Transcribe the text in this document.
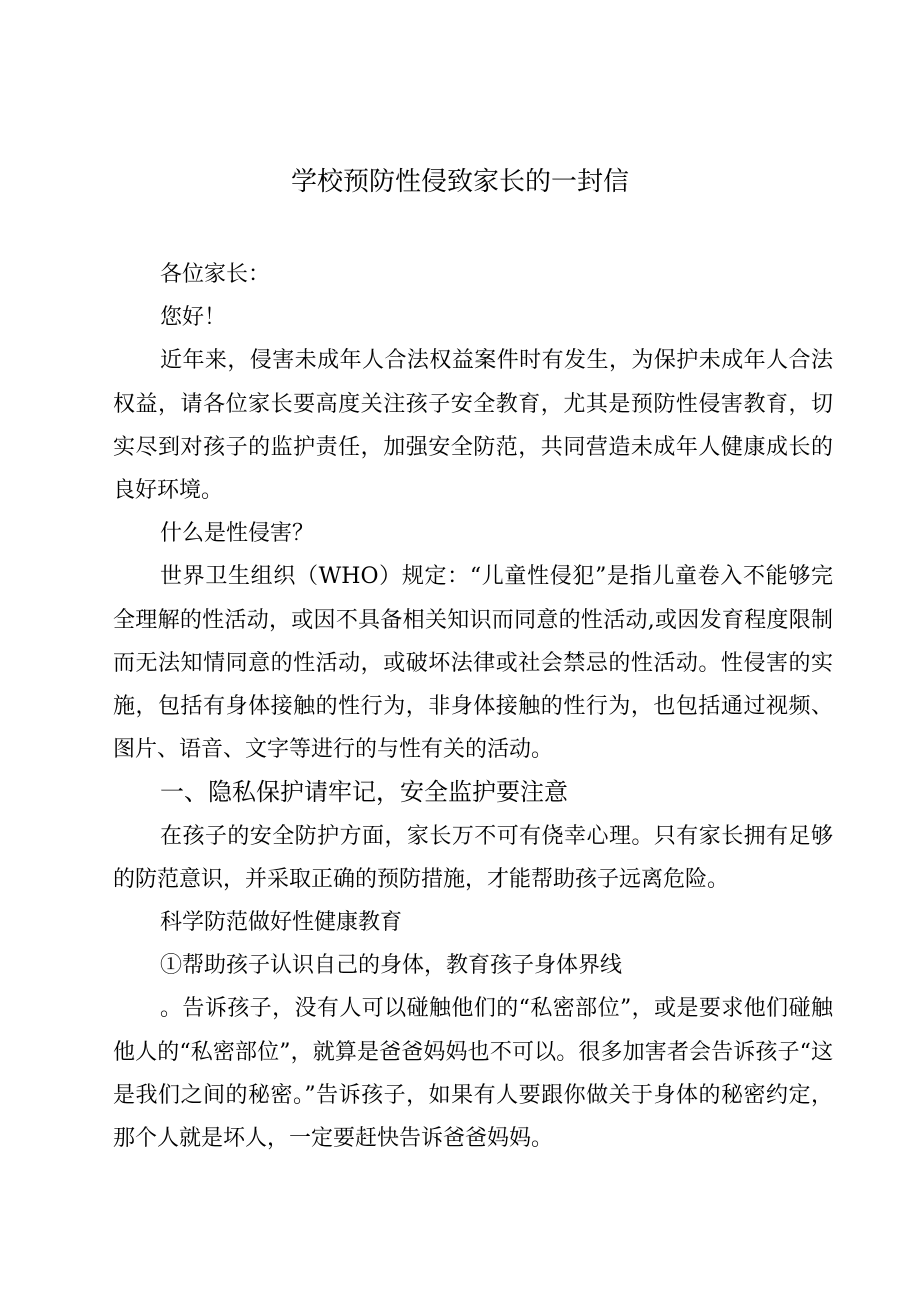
学校预防性侵致家长的一封信

各位家长：

您好！

近年来，侵害未成年人合法权益案件时有发生，为保护未成年人合法权益，请各位家长要高度关注孩子安全教育，尤其是预防性侵害教育，切实尽到对孩子的监护责任，加强安全防范，共同营造未成年人健康成长的良好环境。

什么是性侵害？

世界卫生组织（WHO）规定：“儿童性侵犯”是指儿童卷入不能够完全理解的性活动，或因不具备相关知识而同意的性活动,或因发育程度限制而无法知情同意的性活动，或破坏法律或社会禁忌的性活动。性侵害的实施，包括有身体接触的性行为，非身体接触的性行为，也包括通过视频、图片、语音、文字等进行的与性有关的活动。

一、隐私保护请牢记，安全监护要注意

在孩子的安全防护方面，家长万不可有侥幸心理。只有家长拥有足够的防范意识，并采取正确的预防措施，才能帮助孩子远离危险。

科学防范做好性健康教育

①帮助孩子认识自己的身体，教育孩子身体界线

。告诉孩子，没有人可以碰触他们的“私密部位”，或是要求他们碰触他人的“私密部位”，就算是爸爸妈妈也不可以。很多加害者会告诉孩子“这是我们之间的秘密。”告诉孩子，如果有人要跟你做关于身体的秘密约定，那个人就是坏人，一定要赶快告诉爸爸妈妈。
